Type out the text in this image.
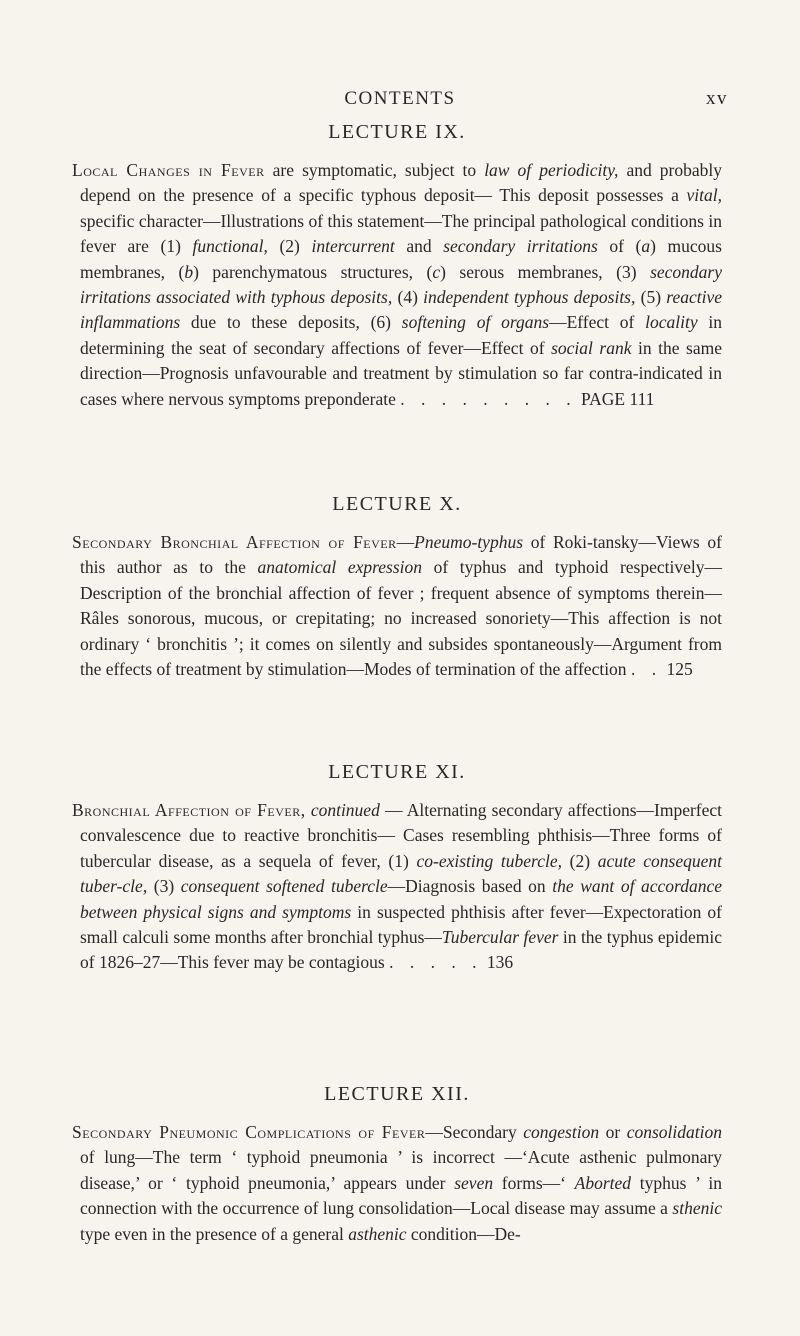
CONTENTS	xv
LECTURE IX.

Local Changes in Fever are symptomatic, subject to law of periodicity, and probably depend on the presence of a specific typhous deposit— This deposit possesses a vital, specific character—Illustrations of this statement—The principal pathological conditions in fever are (1) functional, (2) intercurrent and secondary irritations of (a) mucous membranes, (b) parenchymatous structures, (c) serous membranes, (3) secondary irritations associated with typhous deposits, (4) independent typhous deposits, (5) reactive inflammations due to these deposits, (6) softening of organs—Effect of locality in determining the seat of secondary affections of fever—Effect of social rank in the same direction—Prognosis unfavourable and treatment by stimulation so far contra-indicated in cases where nervous symptoms preponderate . . . . . . . . . PAGE 111

LECTURE X.

Secondary Bronchial Affection of Fever—Pneumo-typhus of Roki-tansky—Views of this author as to the anatomical expression of typhus and typhoid respectively—Description of the bronchial affection of fever ; frequent absence of symptoms therein—Râles sonorous, mucous, or crepitating; no increased sonoriety—This affection is not ordinary ‘ bronchitis ’; it comes on silently and subsides spontaneously—Argument from the effects of treatment by stimulation—Modes of termination of the affection . . 125

LECTURE XI.

Bronchial Affection of Fever, continued — Alternating secondary affections—Imperfect convalescence due to reactive bronchitis— Cases resembling phthisis—Three forms of tubercular disease, as a sequela of fever, (1) co-existing tubercle, (2) acute consequent tuber-cle, (3) consequent softened tubercle—Diagnosis based on the want of accordance between physical signs and symptoms in suspected phthisis after fever—Expectoration of small calculi some months after bronchial typhus—Tubercular fever in the typhus epidemic of 1826–27—This fever may be contagious . . . . . 136

LECTURE XII.

Secondary Pneumonic Complications of Fever—Secondary congestion or consolidation of lung—The term ‘ typhoid pneumonia ’ is incorrect —‘Acute asthenic pulmonary disease,’ or ‘ typhoid pneumonia,’ appears under seven forms—‘ Aborted typhus ’ in connection with the occurrence of lung consolidation—Local disease may assume a sthenic type even in the presence of a general asthenic condition—De-
